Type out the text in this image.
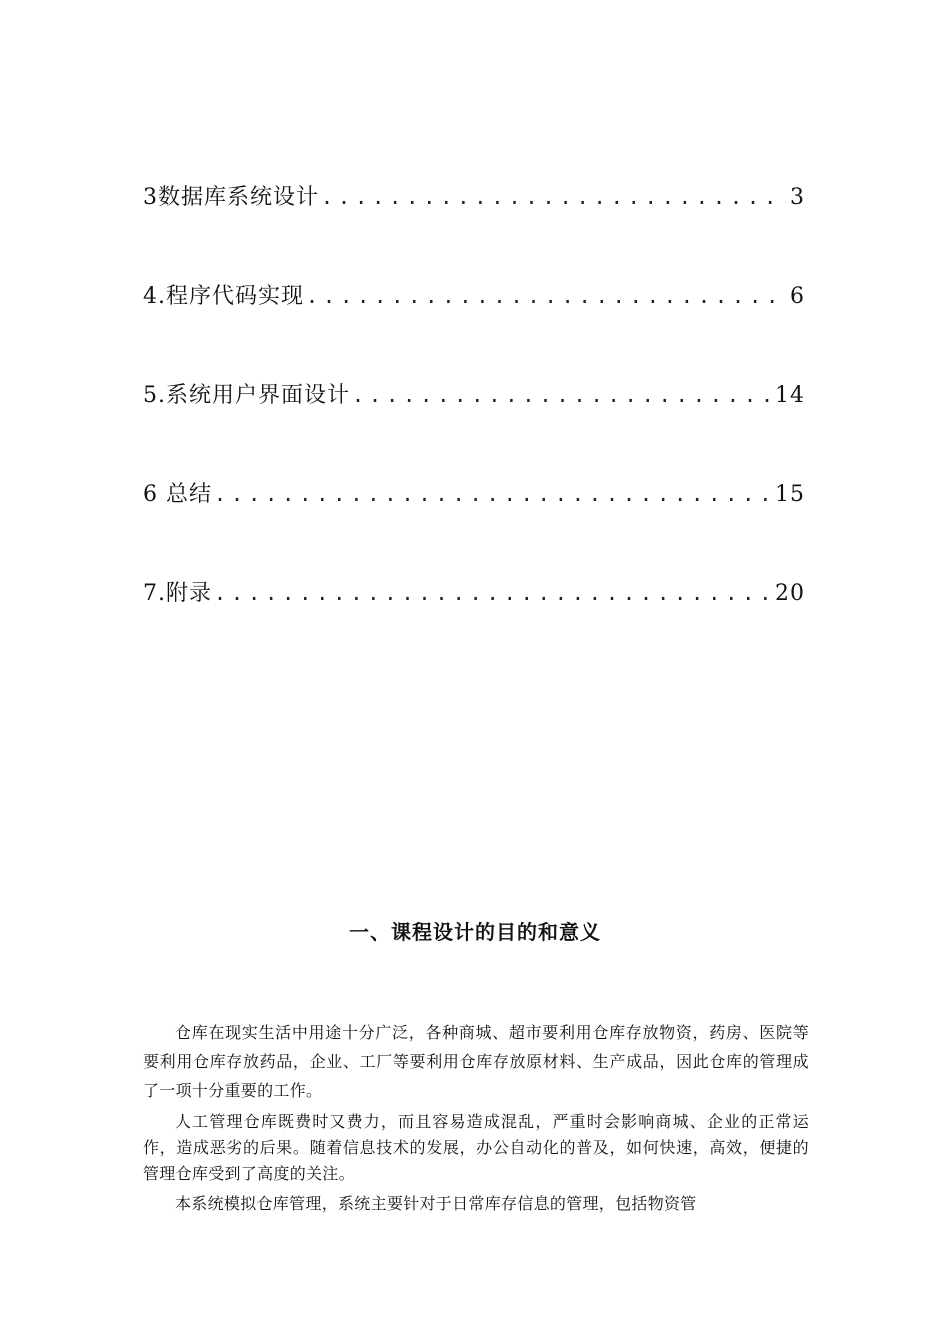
3数据库系统设计 .....	3
4.程序代码实现 .....	6
5.系统用户界面设计 .....	14
6 总结 .....	15
7.附录 .....	20
一、课程设计的目的和意义

仓库在现实生活中用途十分广泛，各种商城、超市要利用仓库存放物资，药房、医院等要利用仓库存放药品，企业、工厂等要利用仓库存放原材料、生产成品，因此仓库的管理成了一项十分重要的工作。

人工管理仓库既费时又费力，而且容易造成混乱，严重时会影响商城、企业的正常运作，造成恶劣的后果。随着信息技术的发展，办公自动化的普及，如何快速，高效，便捷的管理仓库受到了高度的关注。

本系统模拟仓库管理，系统主要针对于日常库存信息的管理，包括物资管
